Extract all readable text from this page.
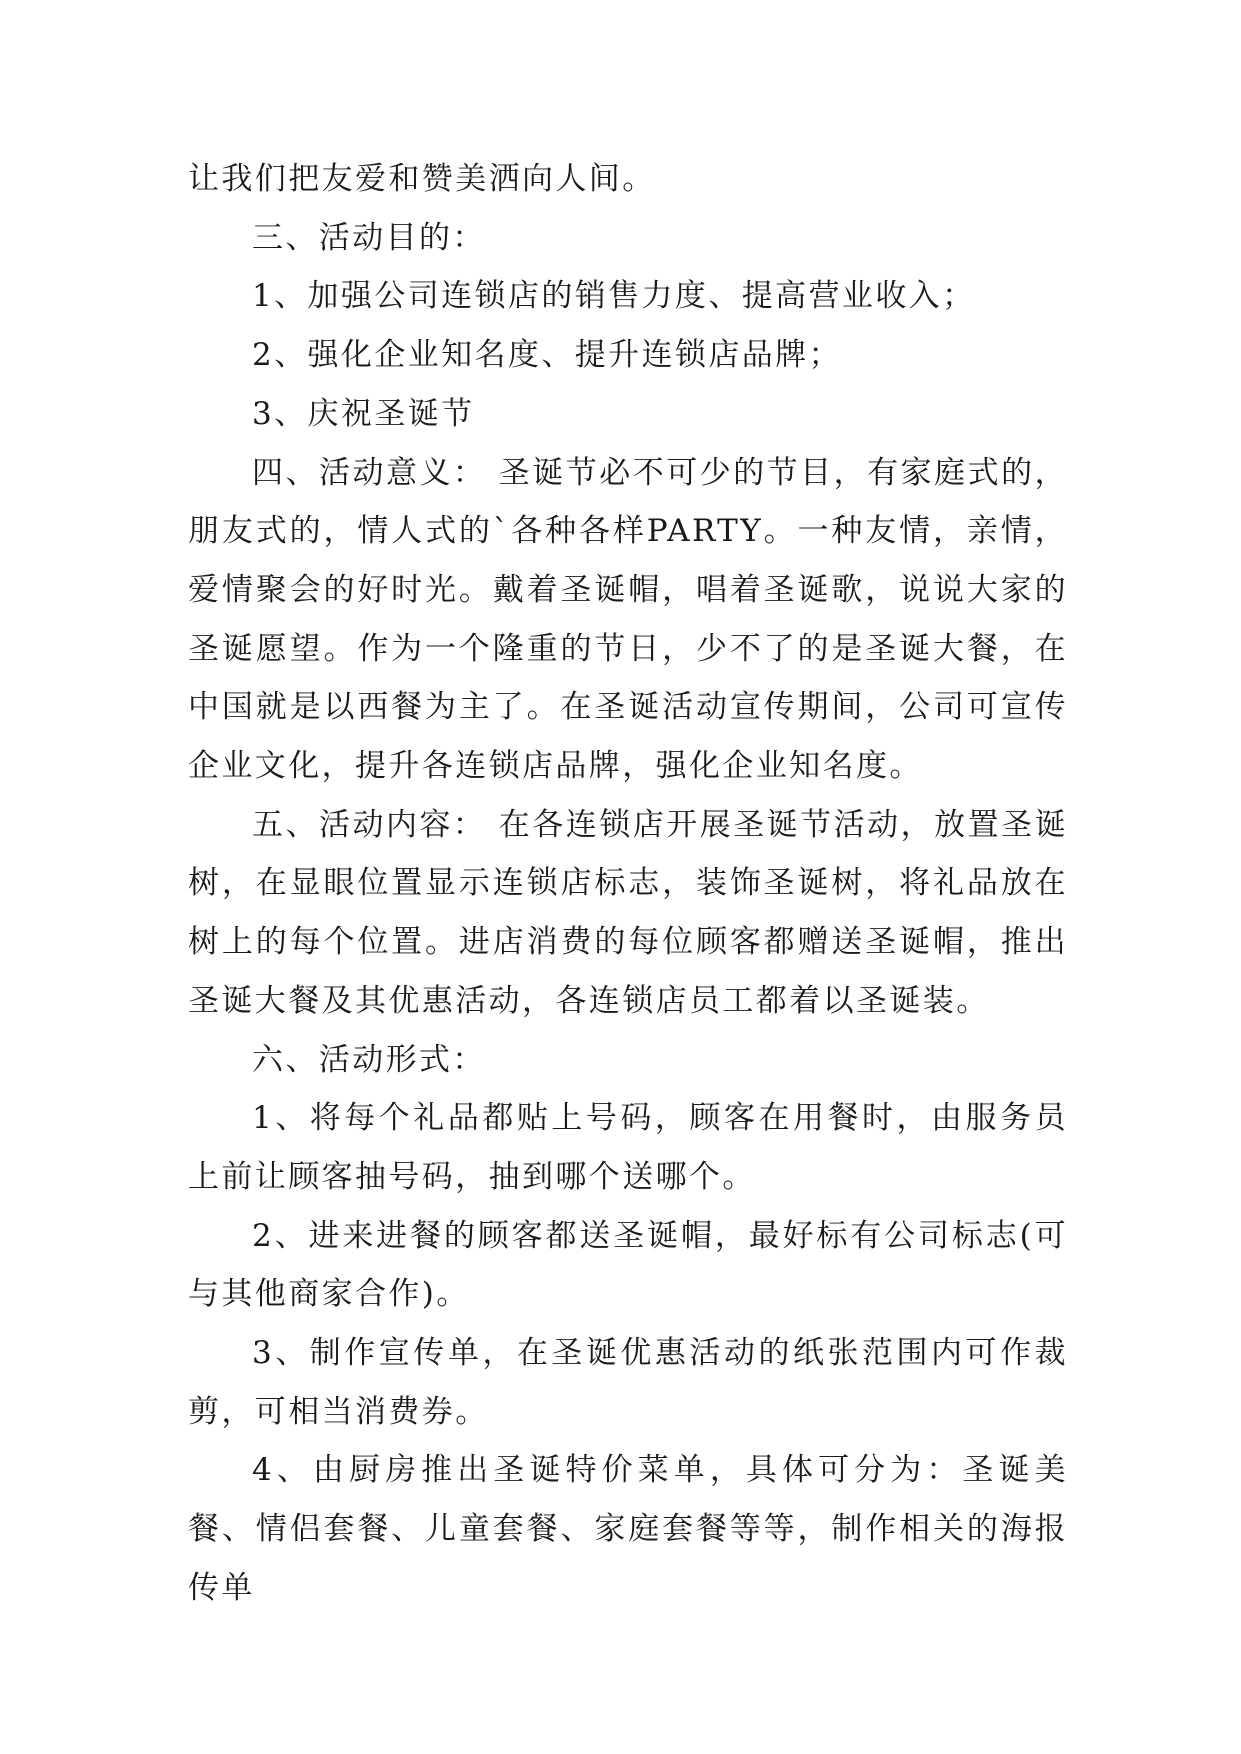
让我们把友爱和赞美洒向人间。

三、活动目的：

1、加强公司连锁店的销售力度、提高营业收入；

2、强化企业知名度、提升连锁店品牌；

3、庆祝圣诞节

四、活动意义： 圣诞节必不可少的节目，有家庭式的，朋友式的，情人式的`各种各样PARTY。一种友情，亲情，爱情聚会的好时光。戴着圣诞帽，唱着圣诞歌，说说大家的圣诞愿望。作为一个隆重的节日，少不了的是圣诞大餐，在中国就是以西餐为主了。在圣诞活动宣传期间，公司可宣传企业文化，提升各连锁店品牌，强化企业知名度。

五、活动内容： 在各连锁店开展圣诞节活动，放置圣诞树，在显眼位置显示连锁店标志，装饰圣诞树，将礼品放在树上的每个位置。进店消费的每位顾客都赠送圣诞帽，推出圣诞大餐及其优惠活动，各连锁店员工都着以圣诞装。

六、活动形式：

1、将每个礼品都贴上号码，顾客在用餐时，由服务员上前让顾客抽号码，抽到哪个送哪个。

2、进来进餐的顾客都送圣诞帽，最好标有公司标志(可与其他商家合作)。

3、制作宣传单，在圣诞优惠活动的纸张范围内可作裁剪，可相当消费券。

4、由厨房推出圣诞特价菜单，具体可分为：圣诞美餐、情侣套餐、儿童套餐、家庭套餐等等，制作相关的海报传单
